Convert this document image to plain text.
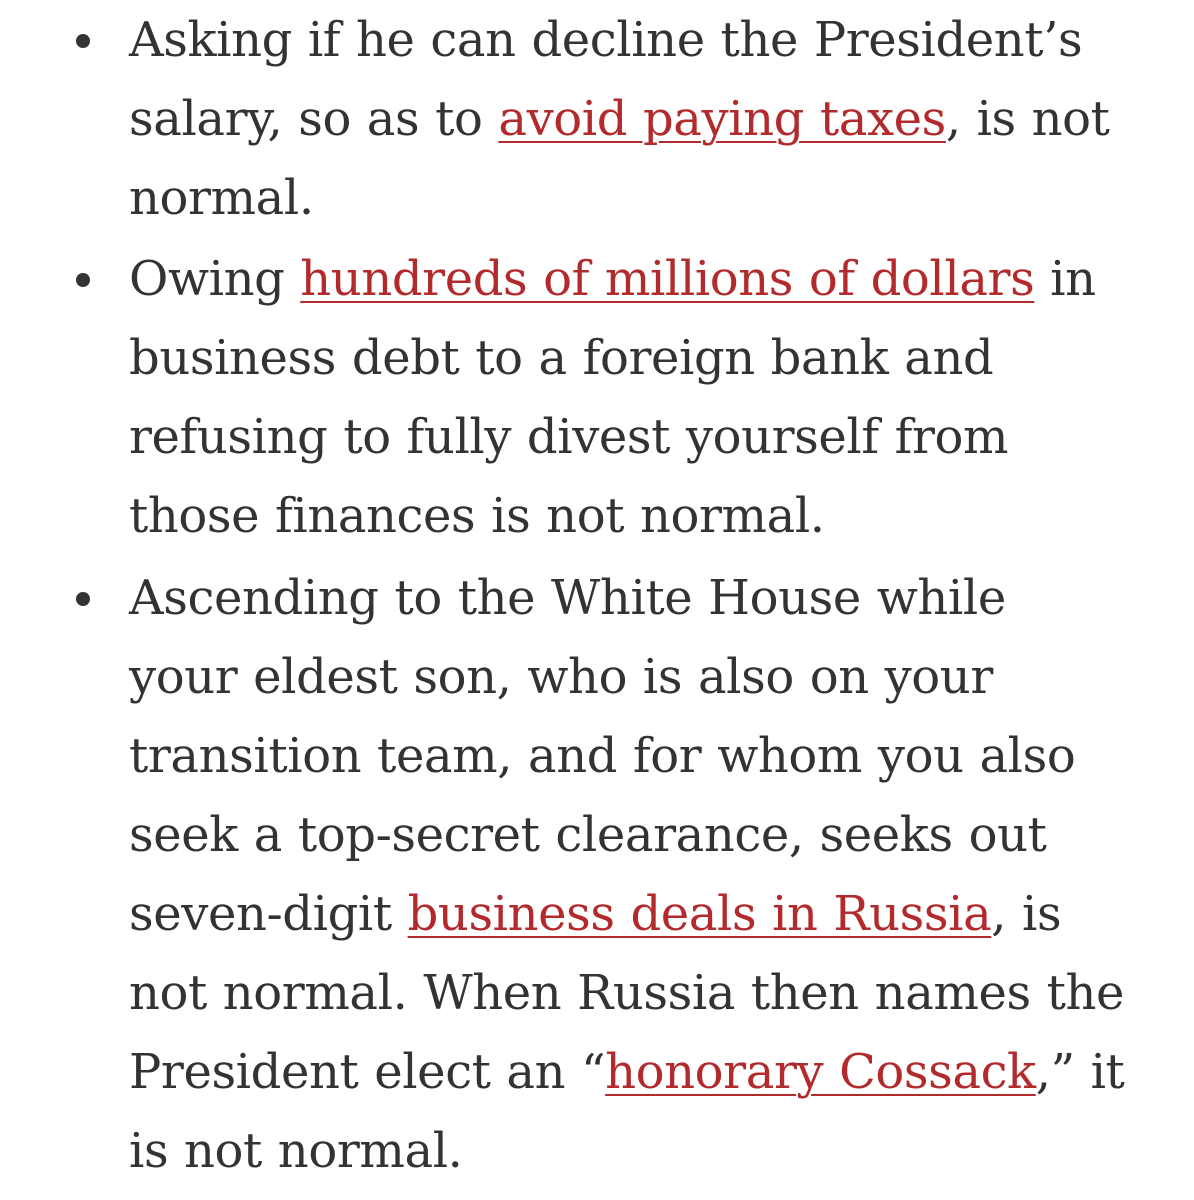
Asking if he can decline the President’s
salary, so as to avoid paying taxes, is not
normal.
Owing hundreds of millions of dollars in
business debt to a foreign bank and
refusing to fully divest yourself from
those finances is not normal.
Ascending to the White House while
your eldest son, who is also on your
transition team, and for whom you also
seek a top-secret clearance, seeks out
seven-digit business deals in Russia, is
not normal. When Russia then names the
President elect an “honorary Cossack,” it
is not normal.
